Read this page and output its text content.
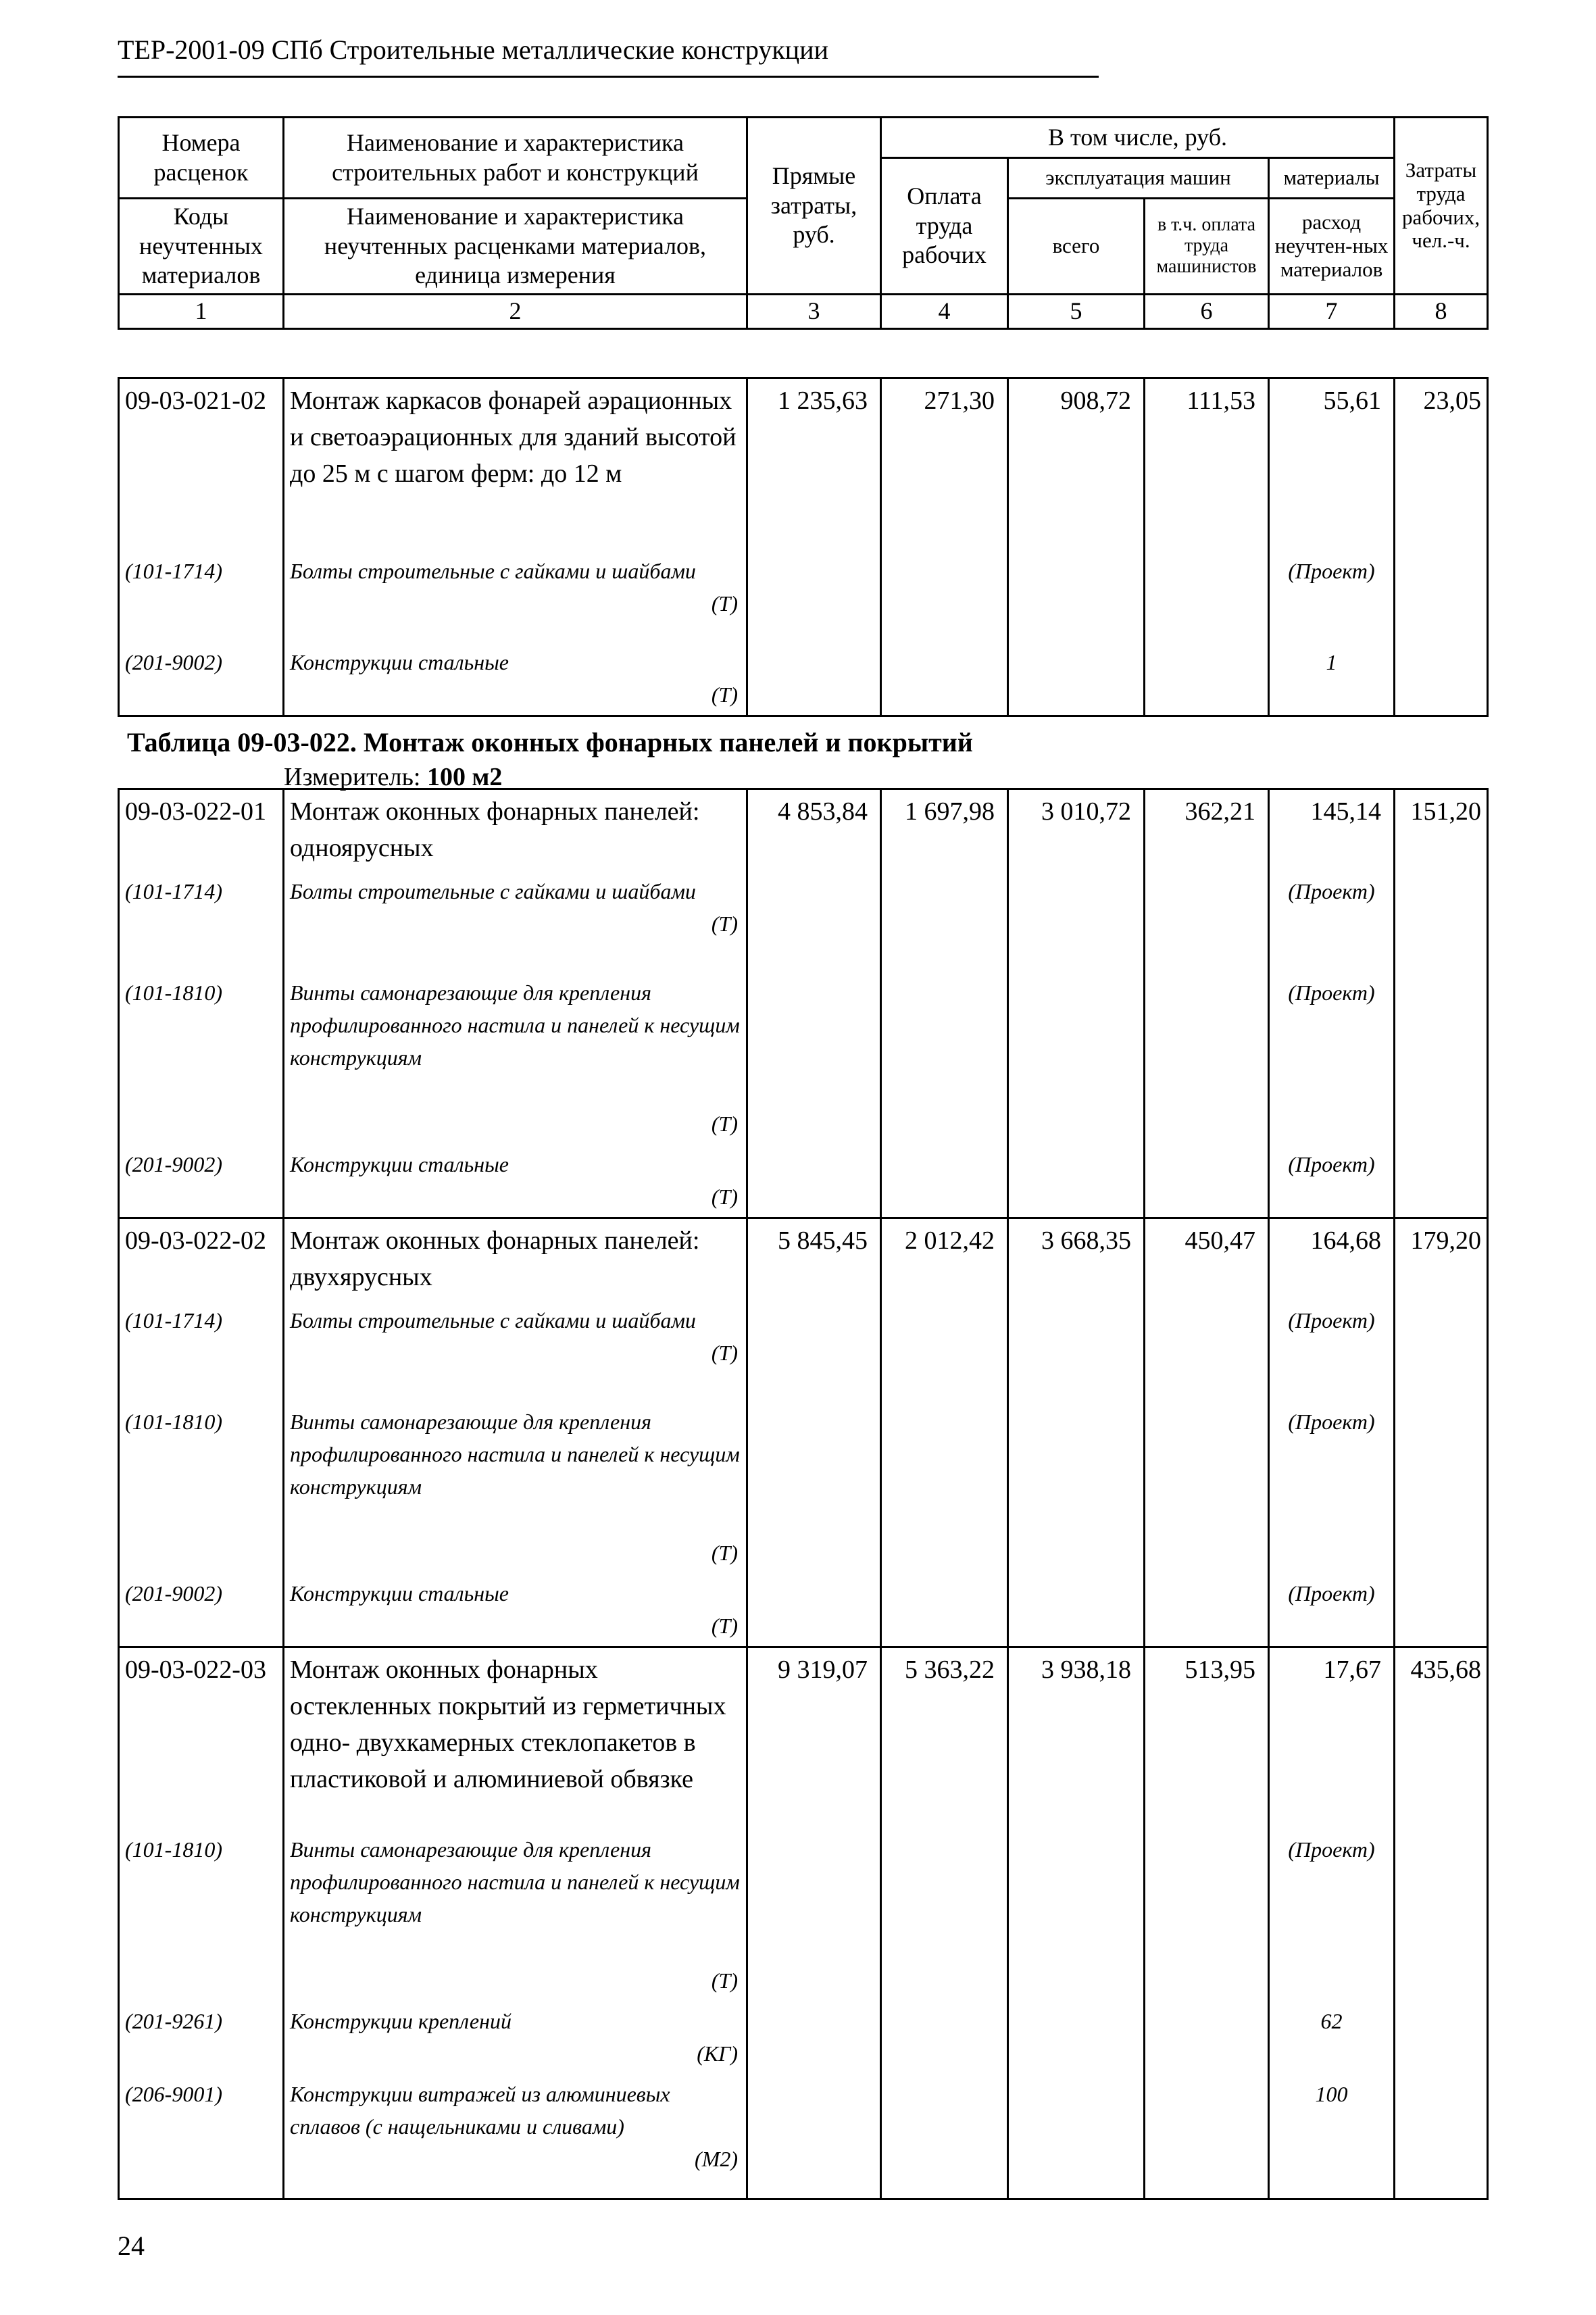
ТЕР-2001-09 СПб Строительные металлические конструкции
Номера расценок	Наименование и характеристика строительных работ и конструкций	Прямые затраты, руб.	В том числе, руб.				Затраты труда рабочих, чел.-ч.
			Оплата труда рабочих	эксплуатация машин		материалы	
Коды неучтенных материалов	Наименование и характеристика неучтенных расценками материалов, единица измерения			всего	в т.ч. оплата труда машинистов	расход неучтен-ных материалов	

1	2	3	4	5	6	7	8
09-03-021-02	Монтаж каркасов фонарей аэрационных и светоаэрационных для зданий высотой до 25 м с шагом ферм: до 12 м	1 235,63	271,30	908,72	111,53	55,61	23,05
(101-1714)	Болты строительные с гайками и шайбами
(Т)					(Проект)	
(201-9002)	Конструкции стальные
(Т)					1	
Таблица 09-03-022. Монтаж оконных фонарных панелей и покрытий
Измеритель: 100 м2
09-03-022-01	Монтаж оконных фонарных панелей: одноярусных	4 853,84	1 697,98	3 010,72	362,21	145,14	151,20
(101-1714)	Болты строительные с гайками и шайбами
(Т)					(Проект)	
(101-1810)	Винты самонарезающие для крепления профилированного настила и панелей к несущим конструкциям
(Т)					(Проект)	
(201-9002)	Конструкции стальные
(Т)					(Проект)	
09-03-022-02	Монтаж оконных фонарных панелей: двухярусных	5 845,45	2 012,42	3 668,35	450,47	164,68	179,20
(101-1714)	Болты строительные с гайками и шайбами
(Т)					(Проект)	
(101-1810)	Винты самонарезающие для крепления профилированного настила и панелей к несущим конструкциям
(Т)					(Проект)	
(201-9002)	Конструкции стальные
(Т)					(Проект)	
09-03-022-03	Монтаж оконных фонарных остекленных покрытий из герметичных одно- двухкамерных стеклопакетов в пластиковой и алюминиевой обвязке	9 319,07	5 363,22	3 938,18	513,95	17,67	435,68
(101-1810)	Винты самонарезающие для крепления профилированного настила и панелей к несущим конструкциям
(Т)					(Проект)	
(201-9261)	Конструкции креплений
(КГ)					62	
(206-9001)	Конструкции витражей из алюминиевых сплавов (с нащельниками и сливами)
(М2)					100	
24
